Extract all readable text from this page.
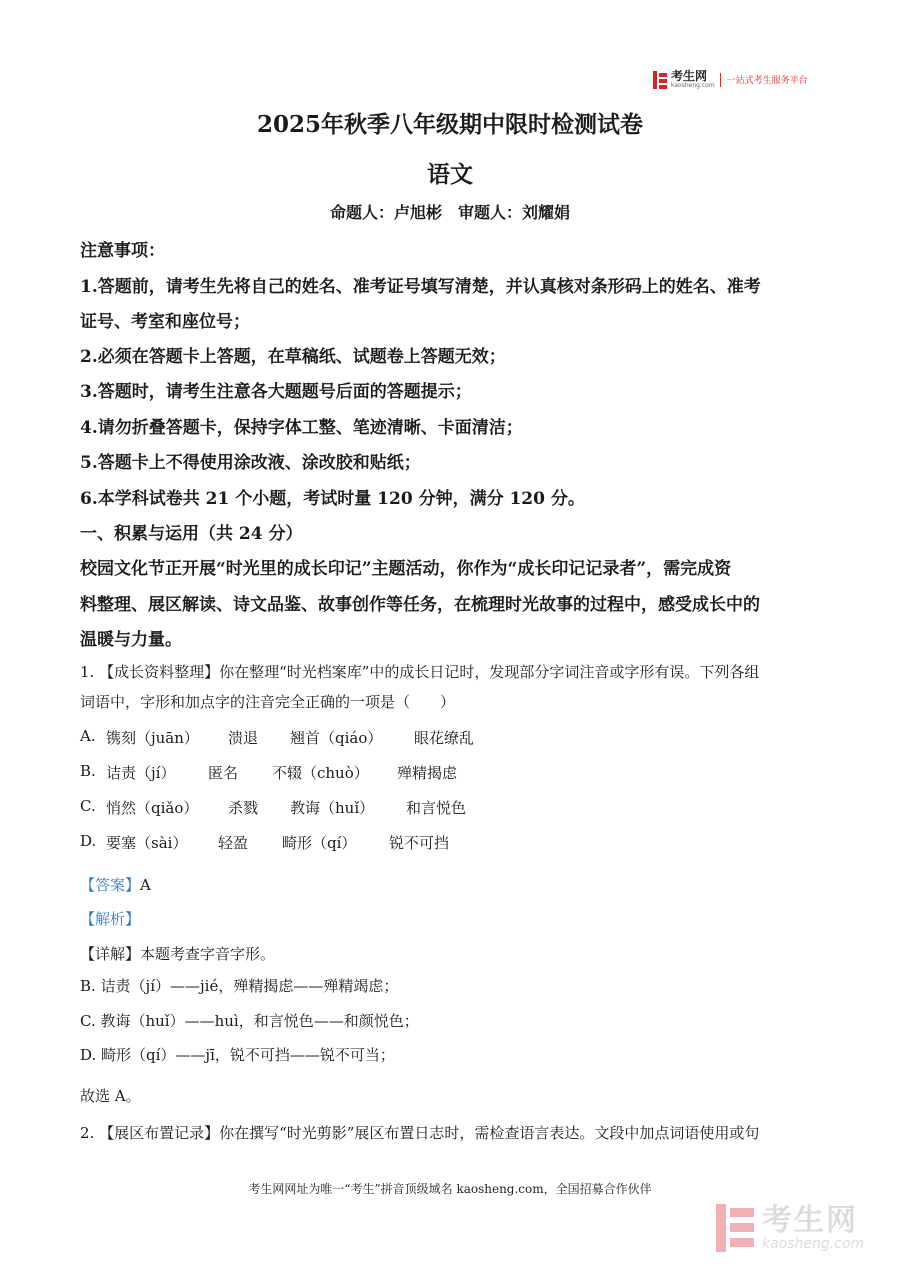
考生网
kaosheng.com 一站式考生服务平台
2025年秋季八年级期中限时检测试卷
语文
命题人：卢旭彬　审题人：刘耀娟
注意事项：
1.答题前，请考生先将自己的姓名、准考证号填写清楚，并认真核对条形码上的姓名、准考
证号、考室和座位号；
2.必须在答题卡上答题，在草稿纸、试题卷上答题无效；
3.答题时，请考生注意各大题题号后面的答题提示；
4.请勿折叠答题卡，保持字体工整、笔迹清晰、卡面清洁；
5.答题卡上不得使用涂改液、涂改胶和贴纸；
6.本学科试卷共 21 个小题，考试时量 120 分钟，满分 120 分。
一、积累与运用（共 24 分）
校园文化节正开展“时光里的成长印记”主题活动，你作为“成长印记记录者”，需完成资
料整理、展区解读、诗文品鉴、故事创作等任务，在梳理时光故事的过程中，感受成长中的
温暖与力量。
1. 【成长资料整理】你在整理“时光档案库”中的成长日记时，发现部分字词注音或字形有误。下列各组
词语中，字形和加点字的注音完全正确的一项是（　　）
A. 镌刻（juān） 溃退 翘首（qiáo） 眼花缭乱
B. 诘责（jí） 匿名 不辍（chuò） 殚精揭虑
C. 悄然（qiǎo） 杀戮 教诲（huǐ） 和言悦色
D. 要塞（sài） 轻盈 畸形（qí） 锐不可挡
【答案】A
【解析】
【详解】本题考查字音字形。
B. 诘责（jí）——jié，殚精揭虑——殚精竭虑；
C. 教诲（huǐ）——huì，和言悦色——和颜悦色；
D. 畸形（qí）——jī，锐不可挡——锐不可当；
故选 A。
2. 【展区布置记录】你在撰写“时光剪影”展区布置日志时，需检查语言表达。文段中加点词语使用或句
考生网网址为唯一“考生”拼音顶级域名 kaosheng.com，全国招募合作伙伴
考生网
kaosheng.com
